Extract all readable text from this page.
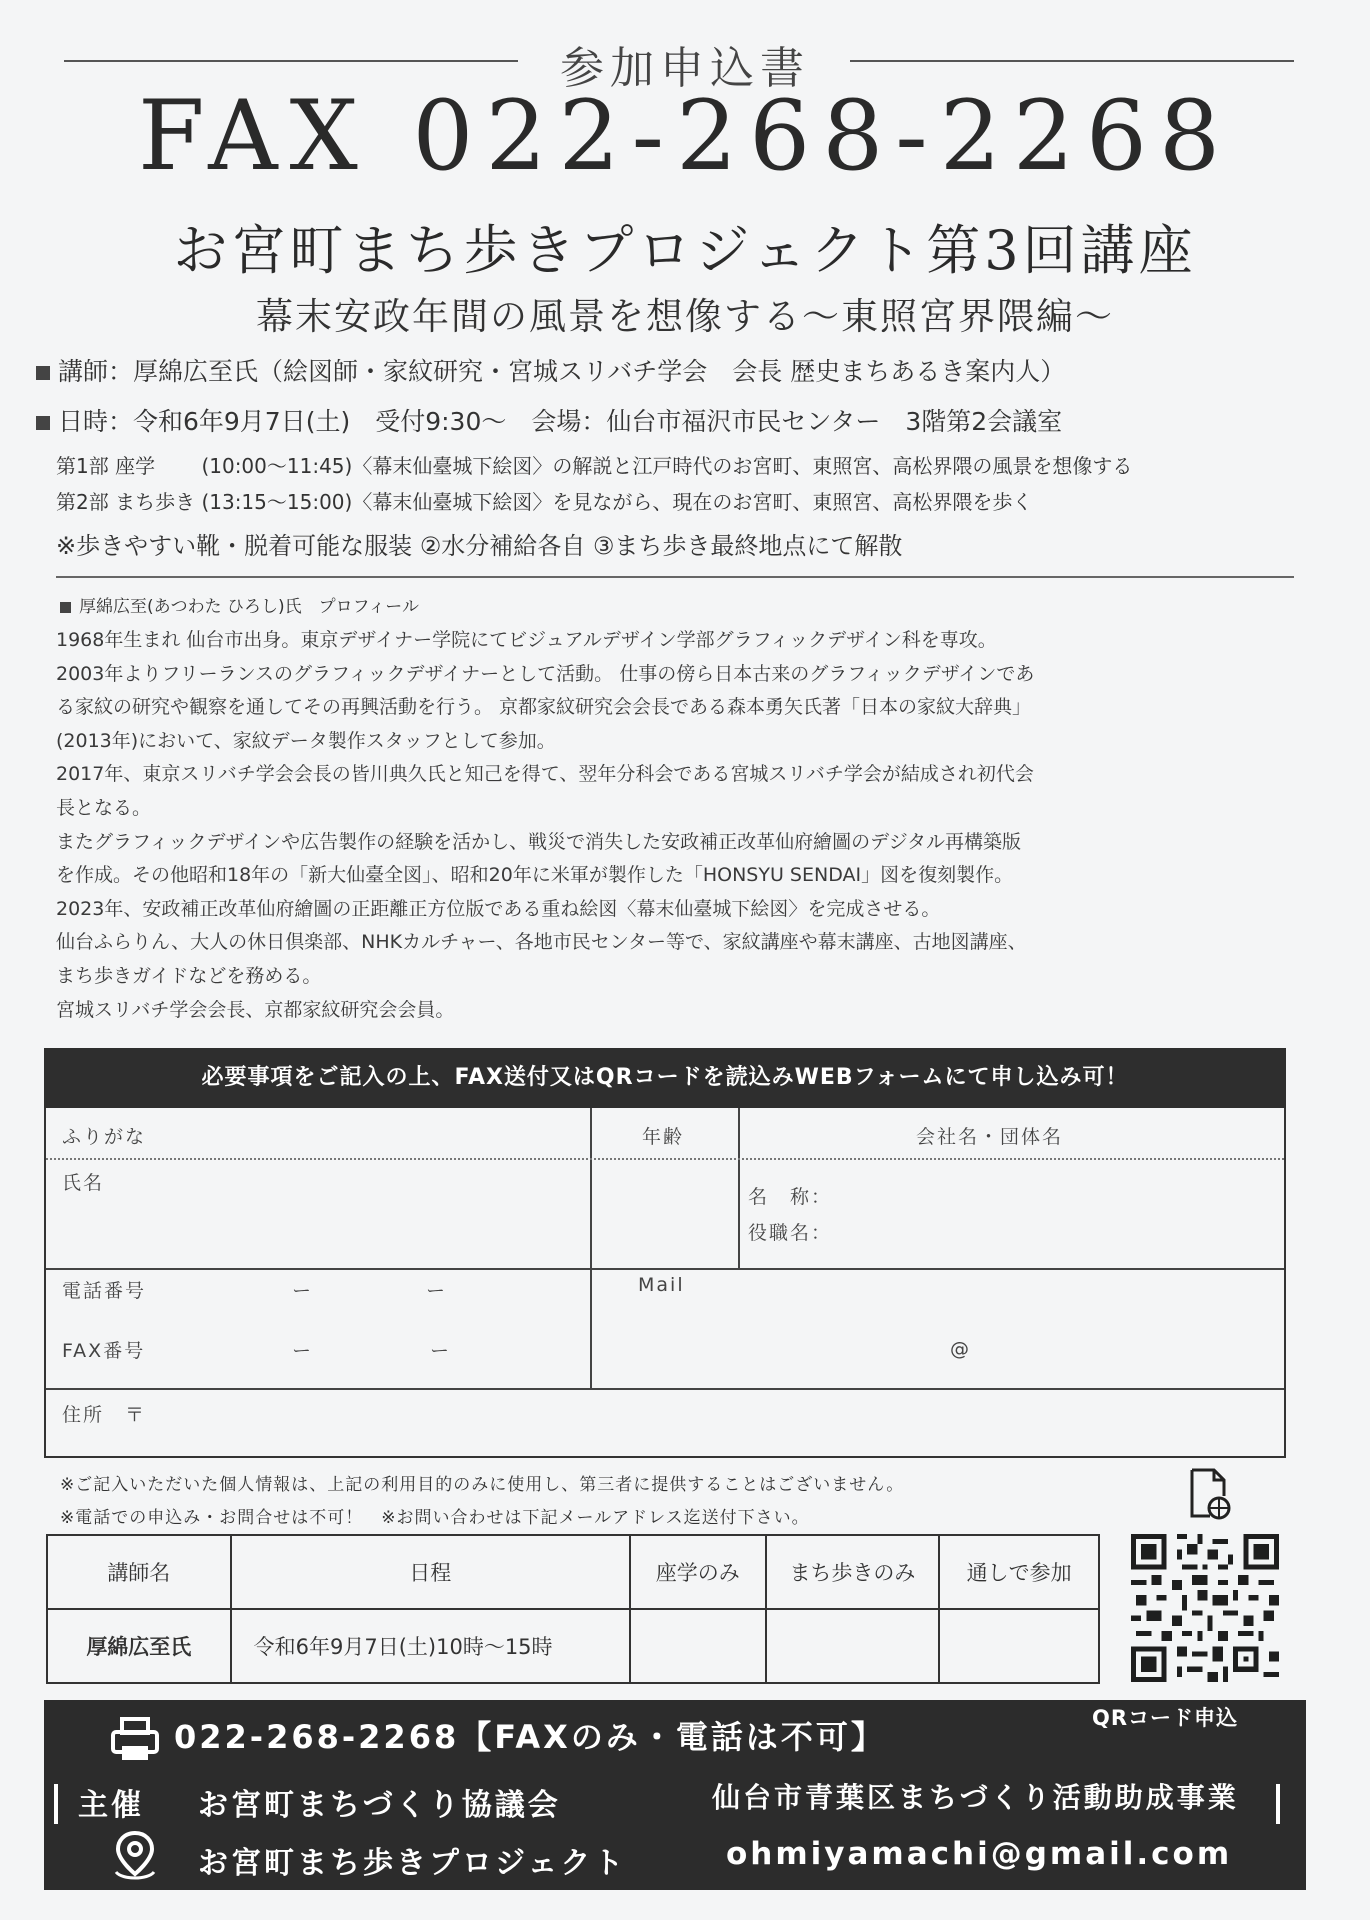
参加申込書
FAX 022-268-2268
お宮町まち歩きプロジェクト第3回講座
幕末安政年間の風景を想像する～東照宮界隈編～
講師：厚綿広至氏（絵図師・家紋研究・宮城スリバチ学会　会長 歴史まちあるき案内人）
日時：令和6年9月7日(土)　受付9:30～　会場：仙台市福沢市民センター　3階第2会議室
第1部 座学　　 (10:00～11:45)〈幕末仙臺城下絵図〉の解説と江戸時代のお宮町、東照宮、高松界隈の風景を想像する
第2部 まち歩き (13:15～15:00)〈幕末仙臺城下絵図〉を見ながら、現在のお宮町、東照宮、高松界隈を歩く
※歩きやすい靴・脱着可能な服装 ②水分補給各自 ③まち歩き最終地点にて解散
厚綿広至(あつわた ひろし)氏　プロフィール
1968年生まれ 仙台市出身。東京デザイナー学院にてビジュアルデザイン学部グラフィックデザイン科を専攻。
2003年よりフリーランスのグラフィックデザイナーとして活動。 仕事の傍ら日本古来のグラフィックデザインであ
る家紋の研究や観察を通してその再興活動を行う。 京都家紋研究会会長である森本勇矢氏著「日本の家紋大辞典」
(2013年)において、家紋データ製作スタッフとして参加。
2017年、東京スリバチ学会会長の皆川典久氏と知己を得て、翌年分科会である宮城スリバチ学会が結成され初代会
長となる。
またグラフィックデザインや広告製作の経験を活かし、戦災で消失した安政補正改革仙府繪圖のデジタル再構築版
を作成。その他昭和18年の「新大仙臺全図」、昭和20年に米軍が製作した「HONSYU SENDAI」図を復刻製作。
2023年、安政補正改革仙府繪圖の正距離正方位版である重ね絵図〈幕末仙臺城下絵図〉を完成させる。
仙台ふらりん、大人の休日倶楽部、NHKカルチャー、各地市民センター等で、家紋講座や幕末講座、古地図講座、
まち歩きガイドなどを務める。
宮城スリバチ学会会長、京都家紋研究会会員。
必要事項をご記入の上、FAX送付又はQRコードを読込みWEBフォームにて申し込み可！
ふりがな
氏名
年齢	会社名・団体名
名　称：
役職名：
電話番号	ー	ー
FAX番号	ー	ー
Mail
@
住所　〒
※ご記入いただいた個人情報は、上記の利用目的のみに使用し、第三者に提供することはございません。
※電話での申込み・お問合せは不可！　※お問い合わせは下記メールアドレス迄送付下さい。
講師名	日程	座学のみ	まち歩きのみ	通しで参加
厚綿広至氏	令和6年9月7日(土)10時～15時			
022-268-2268【FAXのみ・電話は不可】	QRコード申込
主催 お宮町まちづくり協議会	仙台市青葉区まちづくり活動助成事業
お宮町まち歩きプロジェクト	ohmiyamachi@gmail.com
